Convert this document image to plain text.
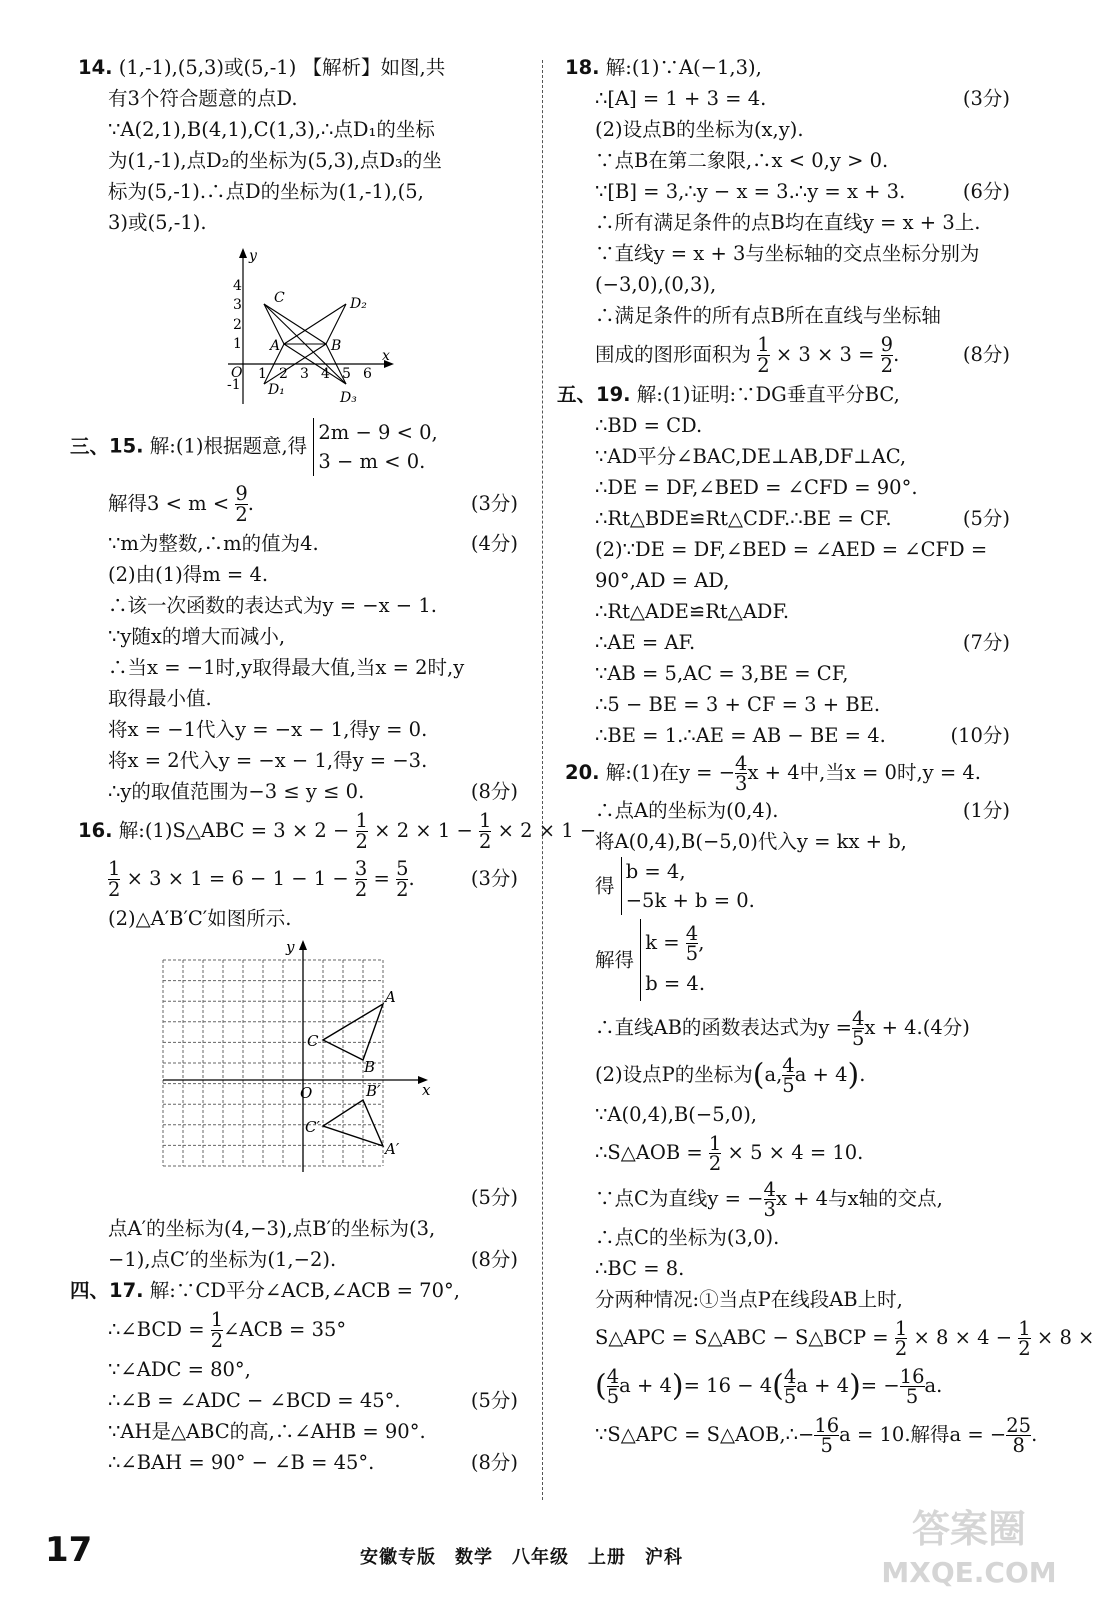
14. (1,-1),(5,3)或(5,-1) 【解析】如图,共
有3个符合题意的点D.
∵A(2,1),B(4,1),C(1,3),∴点D₁的坐标
为(1,-1),点D₂的坐标为(5,3),点D₃的坐
标为(5,-1).∴点D的坐标为(1,-1),(5,
3)或(5,-1).
y
x
O
4
3
2
1
-1
1 2 3 4 5 6
C
A	B
D₁
D₂
D₃
三、15. 解:(1)根据题意,得
2m − 9 < 0,
3 − m < 0.
解得$3 < m < \frac{9}{2}$ .	(3分)
∵m为整数,∴m的值为4.	(4分)
(2)由(1)得m = 4.
∴该一次函数的表达式为y = −x − 1.
∵y随x的增大而减小,
∴当x = −1时,y取得最大值,当x = 2时,y
取得最小值.
将x = −1代入y = −x − 1,得y = 0.
将x = 2代入y = −x − 1,得y = −3.
∴y的取值范围为−3 ≤ y ≤ 0.	(8分)
16. 解:(1)S△ABC = $3 \times 2 - \frac{1}{2} \times 2 \times 1 - \frac{1}{2} \times 2 \times 1$ −
$\frac{1}{2} \times 3 \times 1 = 6 - 1 - 1 - \frac{3}{2} = \frac{5}{2}$ .	(3分)
(2)△A′B′C′如图所示.
y
x
O
A
B
C
A′
B′
C′
(5分)

点A′的坐标为(4,−3),点B′的坐标为(3,
−1),点C′的坐标为(1,−2).	(8分)
四、17. 解:∵CD平分∠ACB,∠ACB = 70°,
∴∠BCD = $\frac{1}{2}$ ∠ACB = 35°
∵∠ADC = 80°,
∴∠B = ∠ADC − ∠BCD = 45°.	(5分)
∵AH是△ABC的高,∴∠AHB = 90°.
∴∠BAH = 90° − ∠B = 45°.	(8分)
18. 解:(1)∵A(−1,3),
∴[A] = 1 + 3 = 4.	(3分)
(2)设点B的坐标为(x,y).
∵点B在第二象限,∴x < 0,y > 0.
∵[B] = 3,∴y − x = 3.∴y = x + 3.	(6分)
∴所有满足条件的点B均在直线y = x + 3上.
∵直线y = x + 3与坐标轴的交点坐标分别为
(−3,0),(0,3),
∴满足条件的所有点B所在直线与坐标轴
围成的图形面积为 $\frac{1}{2} \times 3 \times 3 = \frac{9}{2}$ .	(8分)
五、19. 解:(1)证明:∵DG垂直平分BC,
∴BD = CD.
∵AD平分∠BAC,DE⊥AB,DF⊥AC,
∴DE = DF,∠BED = ∠CFD = 90°.
∴Rt△BDE≌Rt△CDF.∴BE = CF.	(5分)
(2)∵DE = DF,∠BED = ∠AED = ∠CFD =
90°,AD = AD,
∴Rt△ADE≌Rt△ADF.
∴AE = AF.	(7分)
∵AB = 5,AC = 3,BE = CF,
∴5 − BE = 3 + CF = 3 + BE.
∴BE = 1.∴AE = AB − BE = 4.	(10分)
20. 解:(1)在y = − $\frac{4}{3}$ x + 4中,当x = 0时,y = 4.
∴点A的坐标为(0,4).	(1分)
将A(0,4),B(−5,0)代入y = kx + b,
得
b = 4,
−5k + b = 0.
解得
$k = \frac{4}{5}$ ,
b = 4.
∴直线AB的函数表达式为$y = \frac{4}{5}$ x + 4.(4分)
(2)设点P的坐标为(a, $\frac{4}{5}$ a + 4).
∵A(0,4),B(−5,0),
∴S△AOB = $\frac{1}{2} \times 5 \times 4 = 10$.
∵点C为直线y = − $\frac{4}{3}$ x + 4与x轴的交点,
∴点C的坐标为(3,0).
∴BC = 8.
分两种情况:①当点P在线段AB上时,
S△APC = S△ABC − S△BCP = $\frac{1}{2} \times 8 \times 4 - \frac{1}{2} \times 8$ ×
( $\frac{4}{5}$ $a + 4)= 16 - 4( \frac{4}{5}$ $a + 4)= - \frac{16}{5} a$.
∵S△APC = S△AOB,∴− $\frac{16}{5}$ a = 10.解得a = − $\frac{25}{8}$ .
17	安徽专版　数学　八年级　上册　沪科
答案圈
MXQE.COM
